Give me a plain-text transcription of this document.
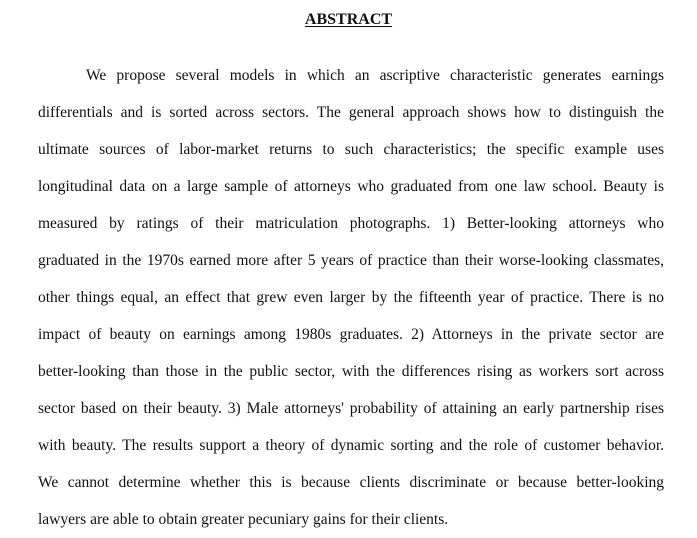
ABSTRACT
We propose several models in which an ascriptive characteristic generates earnings
differentials and is sorted across sectors. The general approach shows how to distinguish the
ultimate sources of labor-market returns to such characteristics; the specific example uses
longitudinal data on a large sample of attorneys who graduated from one law school. Beauty is
measured by ratings of their matriculation photographs. 1) Better-looking attorneys who
graduated in the 1970s earned more after 5 years of practice than their worse-looking classmates,
other things equal, an effect that grew even larger by the fifteenth year of practice. There is no
impact of beauty on earnings among 1980s graduates. 2) Attorneys in the private sector are
better-looking than those in the public sector, with the differences rising as workers sort across
sector based on their beauty. 3) Male attorneys' probability of attaining an early partnership rises
with beauty. The results support a theory of dynamic sorting and the role of customer behavior.
We cannot determine whether this is because clients discriminate or because better-looking
lawyers are able to obtain greater pecuniary gains for their clients.
